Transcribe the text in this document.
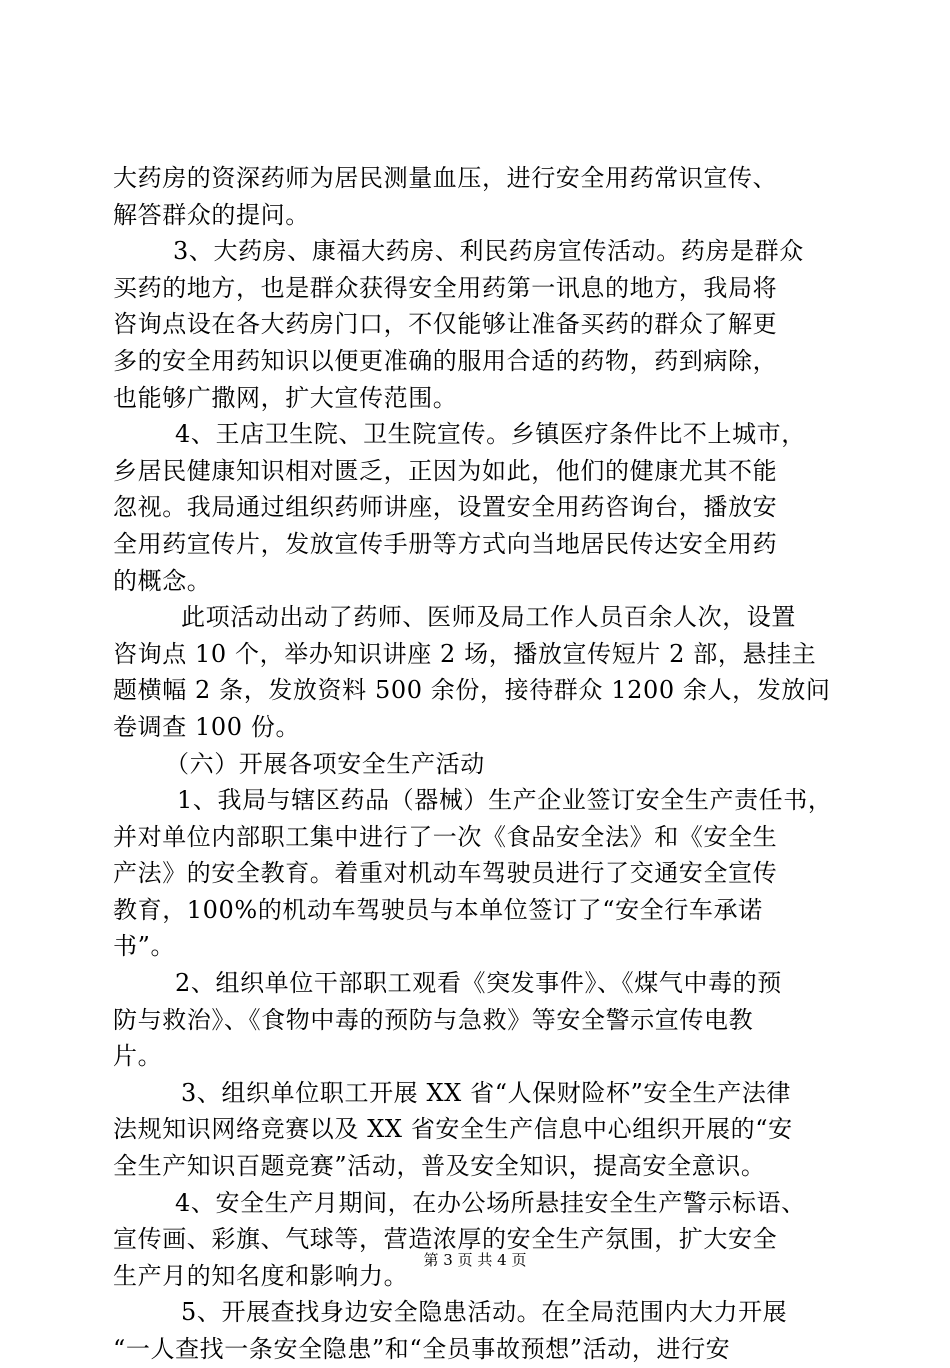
大药房的资深药师为居民测量血压，进行安全用药常识宣传、
解答群众的提问。
3、大药房、康福大药房、利民药房宣传活动。药房是群众
买药的地方，也是群众获得安全用药第一讯息的地方，我局将
咨询点设在各大药房门口，不仅能够让准备买药的群众了解更
多的安全用药知识以便更准确的服用合适的药物，药到病除，
也能够广撒网，扩大宣传范围。
4、王店卫生院、卫生院宣传。乡镇医疗条件比不上城市，
乡居民健康知识相对匮乏，正因为如此，他们的健康尤其不能
忽视。我局通过组织药师讲座，设置安全用药咨询台，播放安
全用药宣传片，发放宣传手册等方式向当地居民传达安全用药
的概念。
此项活动出动了药师、医师及局工作人员百余人次，设置
咨询点 10 个，举办知识讲座 2 场，播放宣传短片 2 部，悬挂主
题横幅 2 条，发放资料 500 余份，接待群众 1200 余人，发放问
卷调查 100 份。
（六）开展各项安全生产活动
1、我局与辖区药品（器械）生产企业签订安全生产责任书，
并对单位内部职工集中进行了一次《食品安全法》和《安全生
产法》的安全教育。着重对机动车驾驶员进行了交通安全宣传
教育，100%的机动车驾驶员与本单位签订了“安全行车承诺
书”。
2、组织单位干部职工观看《突发事件》、《煤气中毒的预
防与救治》、《食物中毒的预防与急救》等安全警示宣传电教
片。
3、组织单位职工开展 XX 省“人保财险杯”安全生产法律
法规知识网络竞赛以及 XX 省安全生产信息中心组织开展的“安
全生产知识百题竞赛”活动，普及安全知识，提高安全意识。
4、安全生产月期间，在办公场所悬挂安全生产警示标语、
宣传画、彩旗、气球等，营造浓厚的安全生产氛围，扩大安全
生产月的知名度和影响力。
5、开展查找身边安全隐患活动。在全局范围内大力开展
“一人查找一条安全隐患”和“全员事故预想”活动，进行安
第 3 页 共 4 页
